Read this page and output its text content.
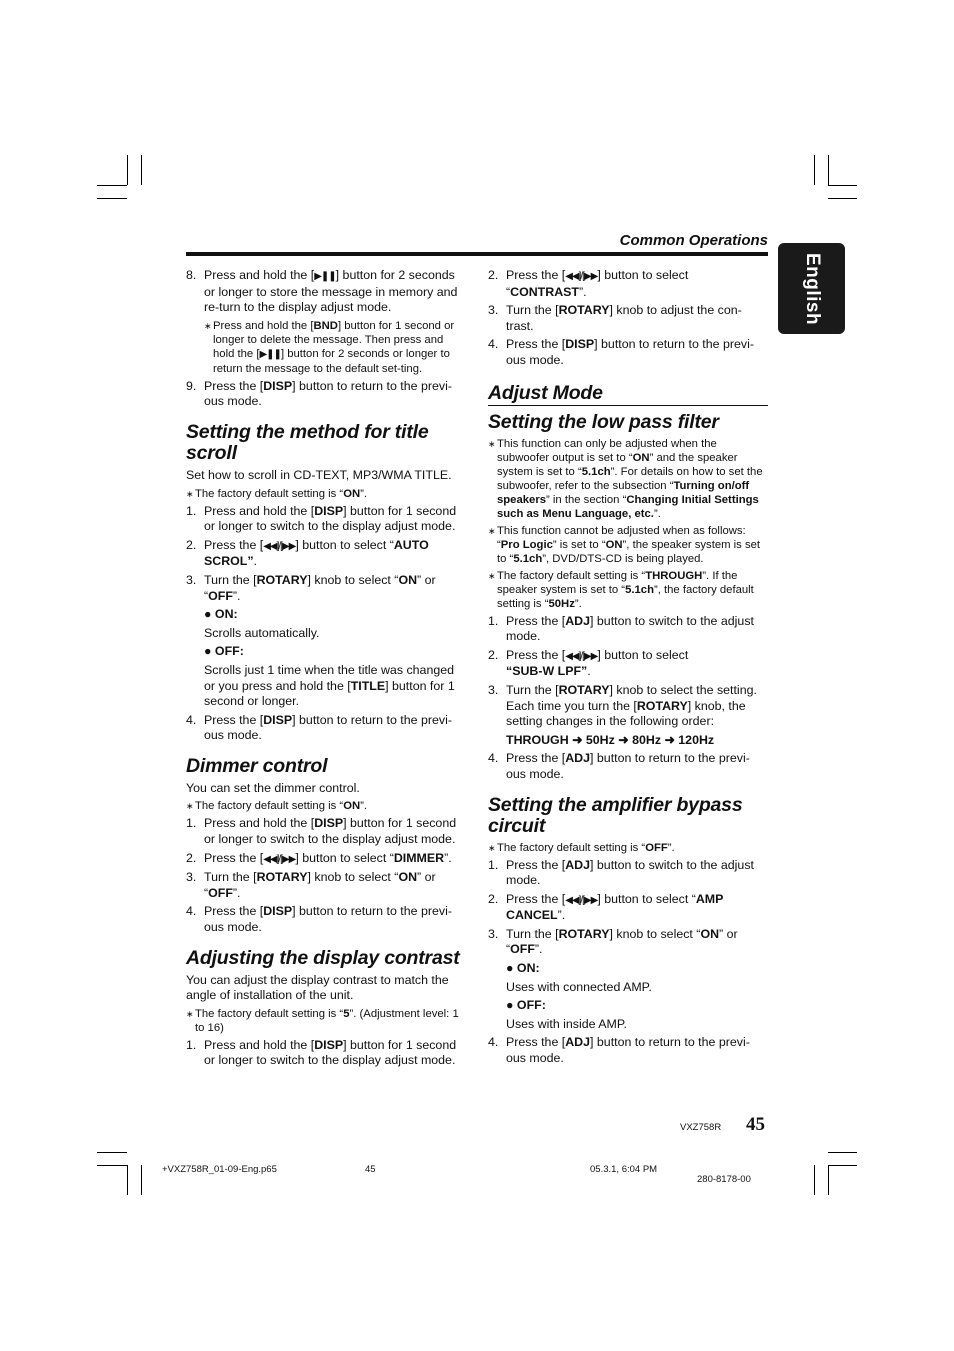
Common Operations
English
8. Press and hold the [▶❚❚] button for 2 seconds or longer to store the message in memory and re-turn to the display adjust mode.
∗ Press and hold the [BND] button for 1 second or longer to delete the message. Then press and hold the [▶❚❚] button for 2 seconds or longer to return the message to the default set-ting.
9. Press the [DISP] button to return to the previ-ous mode.
Setting the method for title scroll
Set how to scroll in CD-TEXT, MP3/WMA TITLE.
∗ The factory default setting is “ON”.
1. Press and hold the [DISP] button for 1 second or longer to switch to the display adjust mode.
2. Press the [◀◀]/[▶▶] button to select “AUTO SCROL”.
3. Turn the [ROTARY] knob to select “ON” or “OFF”.
● ON:
Scrolls automatically.
● OFF:
Scrolls just 1 time when the title was changed or you press and hold the [TITLE] button for 1 second or longer.
4. Press the [DISP] button to return to the previ-ous mode.
Dimmer control
You can set the dimmer control.
∗ The factory default setting is “ON”.
1. Press and hold the [DISP] button for 1 second or longer to switch to the display adjust mode.
2. Press the [◀◀]/[▶▶] button to select “DIMMER”.
3. Turn the [ROTARY] knob to select “ON” or “OFF”.
4. Press the [DISP] button to return to the previ-ous mode.
Adjusting the display contrast
You can adjust the display contrast to match the angle of installation of the unit.
∗ The factory default setting is “5”. (Adjustment level: 1 to 16)
1. Press and hold the [DISP] button for 1 second or longer to switch to the display adjust mode.
2. Press the [◀◀]/[▶▶] button to select “CONTRAST”.
3. Turn the [ROTARY] knob to adjust the con-trast.
4. Press the [DISP] button to return to the previ-ous mode.
Adjust Mode
Setting the low pass filter
∗ This function can only be adjusted when the subwoofer output is set to “ON” and the speaker system is set to “5.1ch”. For details on how to set the subwoofer, refer to the subsection “Turning on/off speakers” in the section “Changing Initial Settings such as Menu Language, etc.”.
∗ This function cannot be adjusted when as follows: “Pro Logic” is set to “ON”, the speaker system is set to “5.1ch”, DVD/DTS-CD is being played.
∗ The factory default setting is “THROUGH”. If the speaker system is set to “5.1ch”, the factory default setting is “50Hz”.
1. Press the [ADJ] button to switch to the adjust mode.
2. Press the [◀◀]/[▶▶] button to select
“SUB-W LPF”.
3. Turn the [ROTARY] knob to select the setting. Each time you turn the [ROTARY] knob, the setting changes in the following order:
THROUGH ➜ 50Hz ➜ 80Hz ➜ 120Hz
4. Press the [ADJ] button to return to the previ-ous mode.
Setting the amplifier bypass circuit
∗ The factory default setting is “OFF”.
1. Press the [ADJ] button to switch to the adjust mode.
2. Press the [◀◀]/[▶▶] button to select “AMP CANCEL”.
3. Turn the [ROTARY] knob to select “ON” or “OFF”.
● ON:
Uses with connected AMP.
● OFF:
Uses with inside AMP.
4. Press the [ADJ] button to return to the previ-ous mode.
VXZ758R 45
+VXZ758R_01-09-Eng.p65	45	05.3.1, 6:04 PM
280-8178-00
